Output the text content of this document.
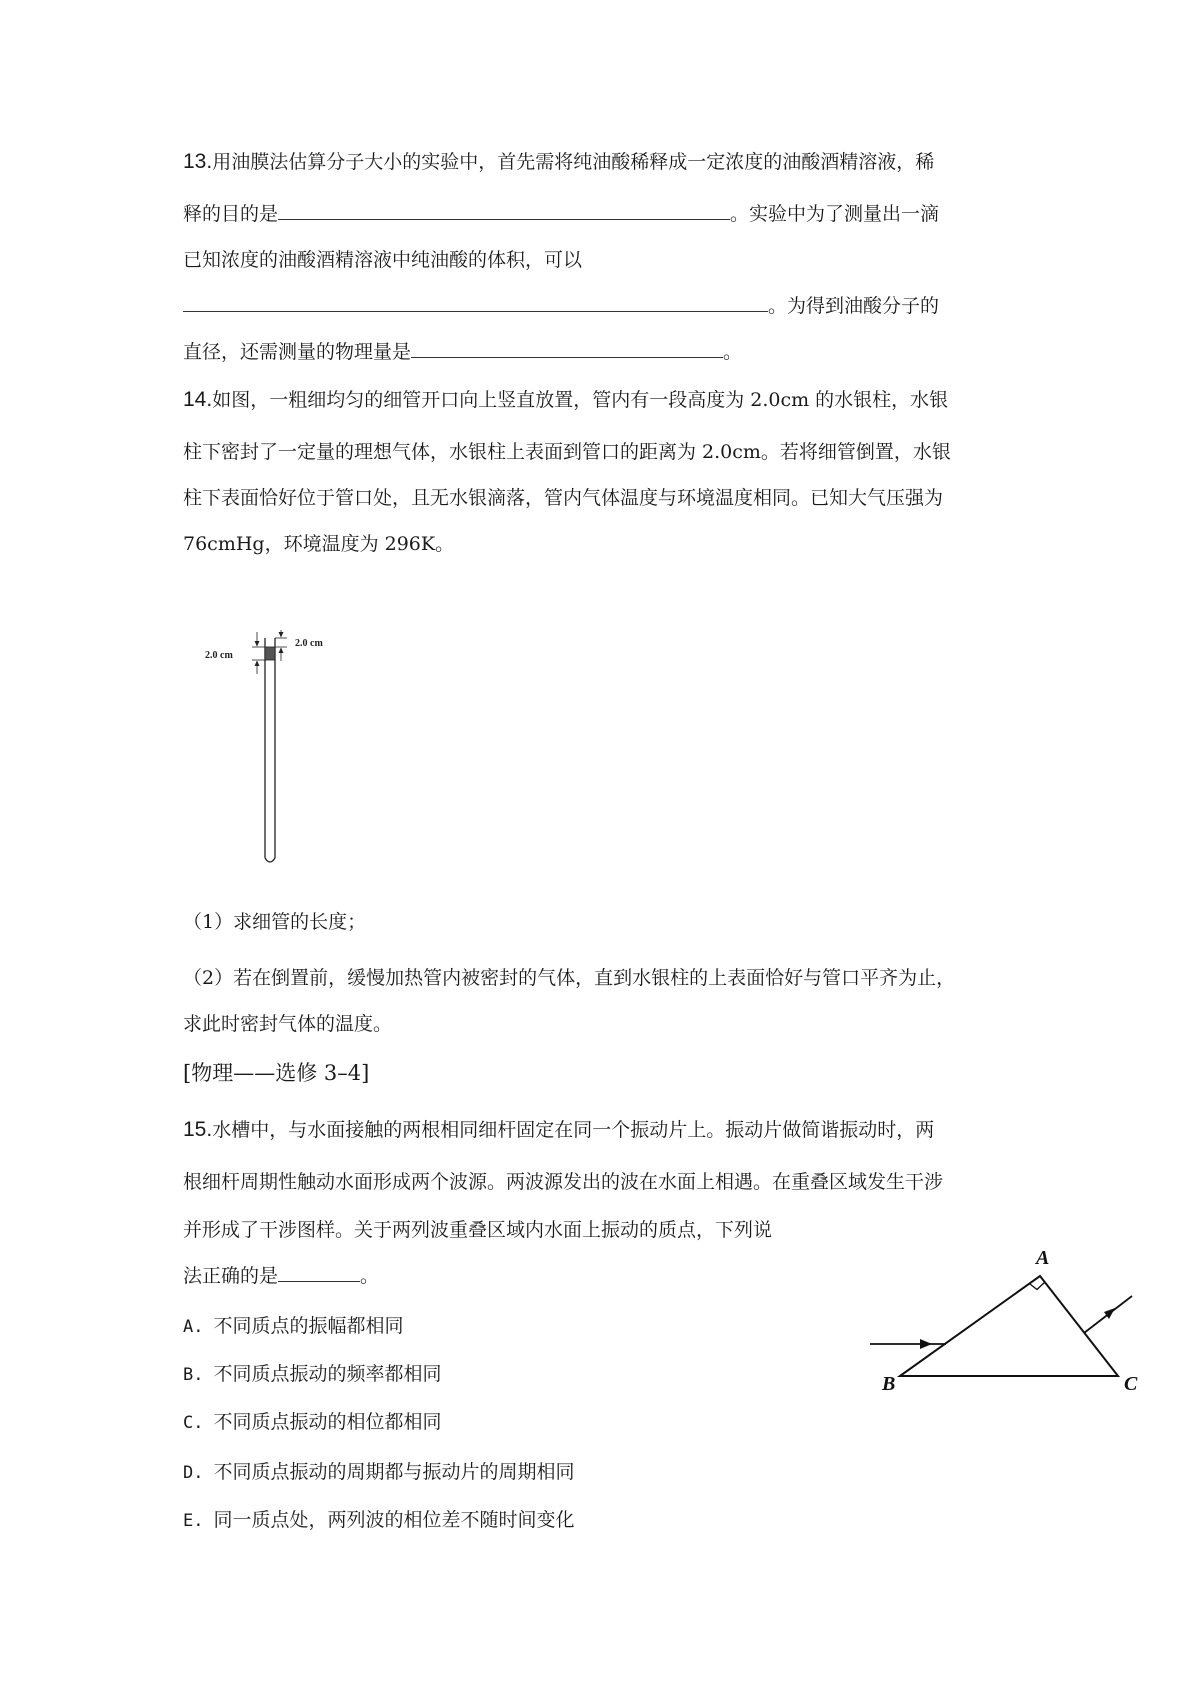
13.用油膜法估算分子大小的实验中，首先需将纯油酸稀释成一定浓度的油酸酒精溶液，稀
释的目的是	。实验中为了测量出一滴
已知浓度的油酸酒精溶液中纯油酸的体积，可以
。为得到油酸分子的
直径，还需测量的物理量是	。
14.如图，一粗细均匀的细管开口向上竖直放置，管内有一段高度为 2.0cm 的水银柱，水银
柱下密封了一定量的理想气体，水银柱上表面到管口的距离为 2.0cm。若将细管倒置，水银
柱下表面恰好位于管口处，且无水银滴落，管内气体温度与环境温度相同。已知大气压强为
76cmHg，环境温度为 296K。
2.0 cm
2.0 cm
（1）求细管的长度；
（2）若在倒置前，缓慢加热管内被密封的气体，直到水银柱的上表面恰好与管口平齐为止，
求此时密封气体的温度。
[物理——选修 3–4]
15.水槽中，与水面接触的两根相同细杆固定在同一个振动片上。振动片做简谐振动时，两
根细杆周期性触动水面形成两个波源。两波源发出的波在水面上相遇。在重叠区域发生干涉
并形成了干涉图样。关于两列波重叠区域内水面上振动的质点，下列说
法正确的是	。
A. 不同质点的振幅都相同
B. 不同质点振动的频率都相同
C. 不同质点振动的相位都相同
D. 不同质点振动的周期都与振动片的周期相同
E. 同一质点处，两列波的相位差不随时间变化
A
B	C
